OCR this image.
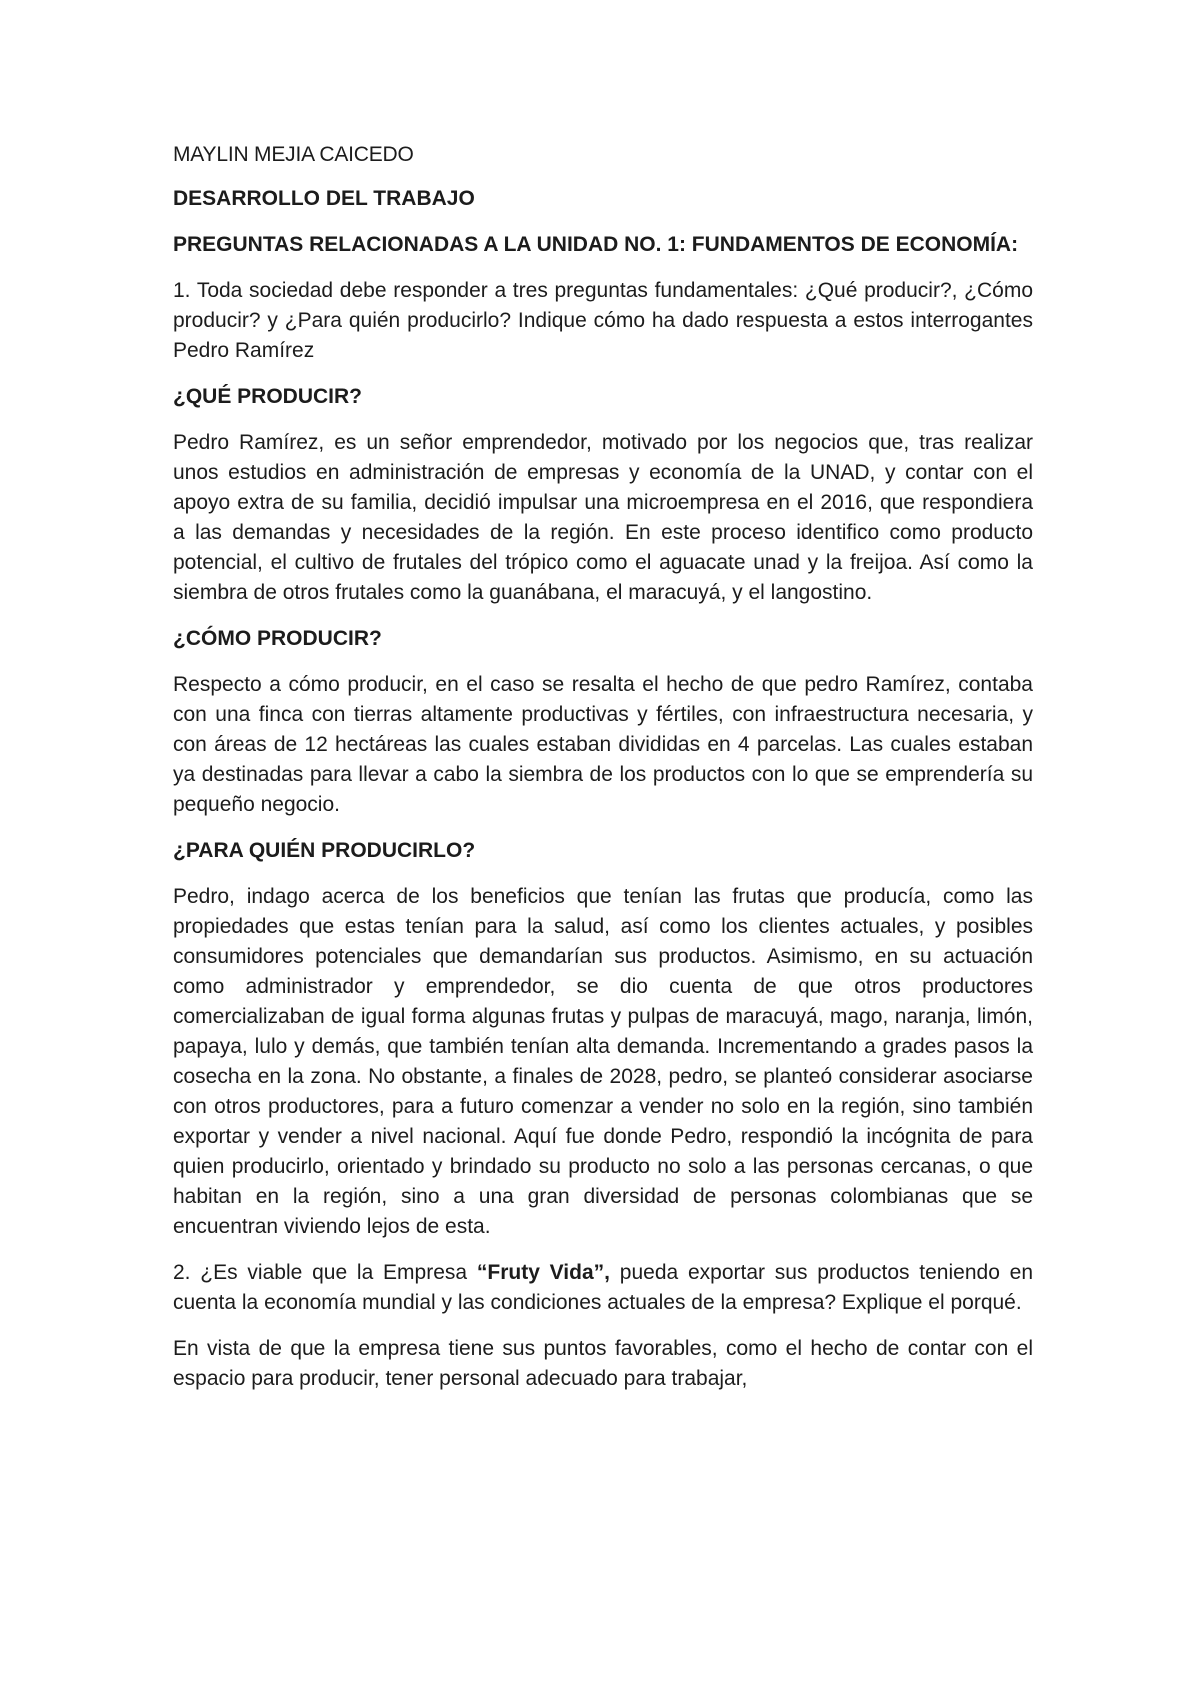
MAYLIN MEJIA CAICEDO

DESARROLLO DEL TRABAJO

PREGUNTAS RELACIONADAS A LA UNIDAD NO. 1: FUNDAMENTOS DE ECONOMÍA:

1. Toda sociedad debe responder a tres preguntas fundamentales: ¿Qué producir?, ¿Cómo producir? y ¿Para quién producirlo? Indique cómo ha dado respuesta a estos interrogantes Pedro Ramírez

¿QUÉ PRODUCIR?

Pedro Ramírez, es un señor emprendedor, motivado por los negocios que, tras realizar unos estudios en administración de empresas y economía de la UNAD, y contar con el apoyo extra de su familia, decidió impulsar una microempresa en el 2016, que respondiera a las demandas y necesidades de la región. En este proceso identifico como producto potencial, el cultivo de frutales del trópico como el aguacate unad y la freijoa. Así como la siembra de otros frutales como la guanábana, el maracuyá, y el langostino.

¿CÓMO PRODUCIR?

Respecto a cómo producir, en el caso se resalta el hecho de que pedro Ramírez, contaba con una finca con tierras altamente productivas y fértiles, con infraestructura necesaria, y con áreas de 12 hectáreas las cuales estaban divididas en 4 parcelas. Las cuales estaban ya destinadas para llevar a cabo la siembra de los productos con lo que se emprendería su pequeño negocio.

¿PARA QUIÉN PRODUCIRLO?

Pedro, indago acerca de los beneficios que tenían las frutas que producía, como las propiedades que estas tenían para la salud, así como los clientes actuales, y posibles consumidores potenciales que demandarían sus productos. Asimismo, en su actuación como administrador y emprendedor, se dio cuenta de que otros productores comercializaban de igual forma algunas frutas y pulpas de maracuyá, mago, naranja, limón, papaya, lulo y demás, que también tenían alta demanda. Incrementando a grades pasos la cosecha en la zona. No obstante, a finales de 2028, pedro, se planteó considerar asociarse con otros productores, para a futuro comenzar a vender no solo en la región, sino también exportar y vender a nivel nacional. Aquí fue donde Pedro, respondió la incógnita de para quien producirlo, orientado y brindado su producto no solo a las personas cercanas, o que habitan en la región, sino a una gran diversidad de personas colombianas que se encuentran viviendo lejos de esta.

2. ¿Es viable que la Empresa “Fruty Vida”, pueda exportar sus productos teniendo en cuenta la economía mundial y las condiciones actuales de la empresa? Explique el porqué.

En vista de que la empresa tiene sus puntos favorables, como el hecho de contar con el espacio para producir, tener personal adecuado para trabajar,
